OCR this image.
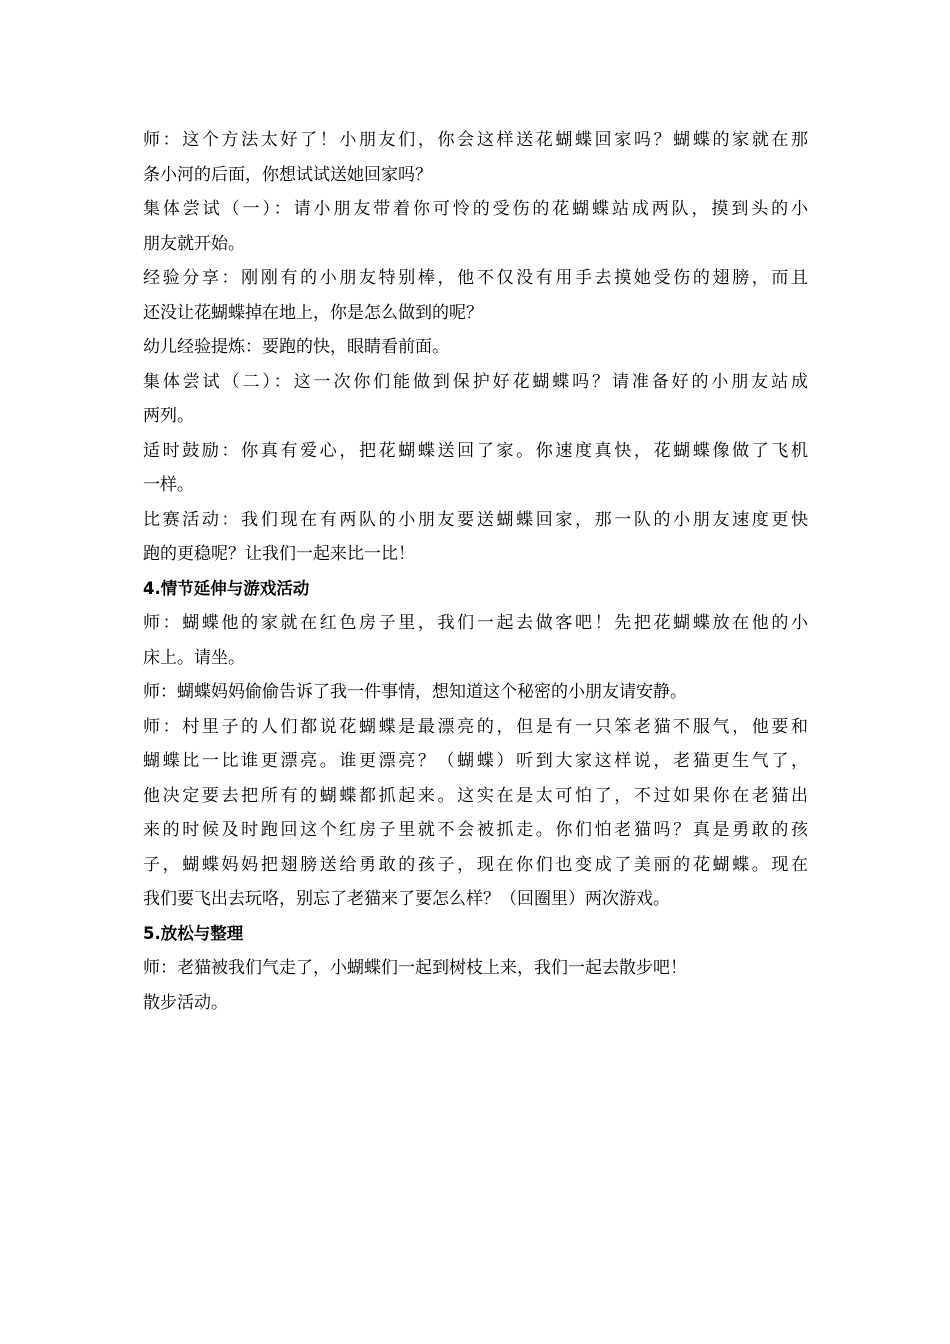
师：这个方法太好了！小朋友们，你会这样送花蝴蝶回家吗？蝴蝶的家就在那
条小河的后面，你想试试送她回家吗？
集体尝试（一）：请小朋友带着你可怜的受伤的花蝴蝶站成两队，摸到头的小
朋友就开始。
经验分享：刚刚有的小朋友特别棒，他不仅没有用手去摸她受伤的翅膀，而且
还没让花蝴蝶掉在地上，你是怎么做到的呢？
幼儿经验提炼：要跑的快，眼睛看前面。
集体尝试（二）：这一次你们能做到保护好花蝴蝶吗？请准备好的小朋友站成
两列。
适时鼓励：你真有爱心，把花蝴蝶送回了家。你速度真快，花蝴蝶像做了飞机
一样。
比赛活动：我们现在有两队的小朋友要送蝴蝶回家，那一队的小朋友速度更快
跑的更稳呢？让我们一起来比一比！
4.情节延伸与游戏活动
师：蝴蝶他的家就在红色房子里，我们一起去做客吧！先把花蝴蝶放在他的小
床上。请坐。
师：蝴蝶妈妈偷偷告诉了我一件事情，想知道这个秘密的小朋友请安静。
师：村里子的人们都说花蝴蝶是最漂亮的，但是有一只笨老猫不服气，他要和
蝴蝶比一比谁更漂亮。谁更漂亮？（蝴蝶）听到大家这样说，老猫更生气了，
他决定要去把所有的蝴蝶都抓起来。这实在是太可怕了，不过如果你在老猫出
来的时候及时跑回这个红房子里就不会被抓走。你们怕老猫吗？真是勇敢的孩
子，蝴蝶妈妈把翅膀送给勇敢的孩子，现在你们也变成了美丽的花蝴蝶。现在
我们要飞出去玩咯，别忘了老猫来了要怎么样？（回圈里）两次游戏。
5.放松与整理
师：老猫被我们气走了，小蝴蝶们一起到树枝上来，我们一起去散步吧！
散步活动。
